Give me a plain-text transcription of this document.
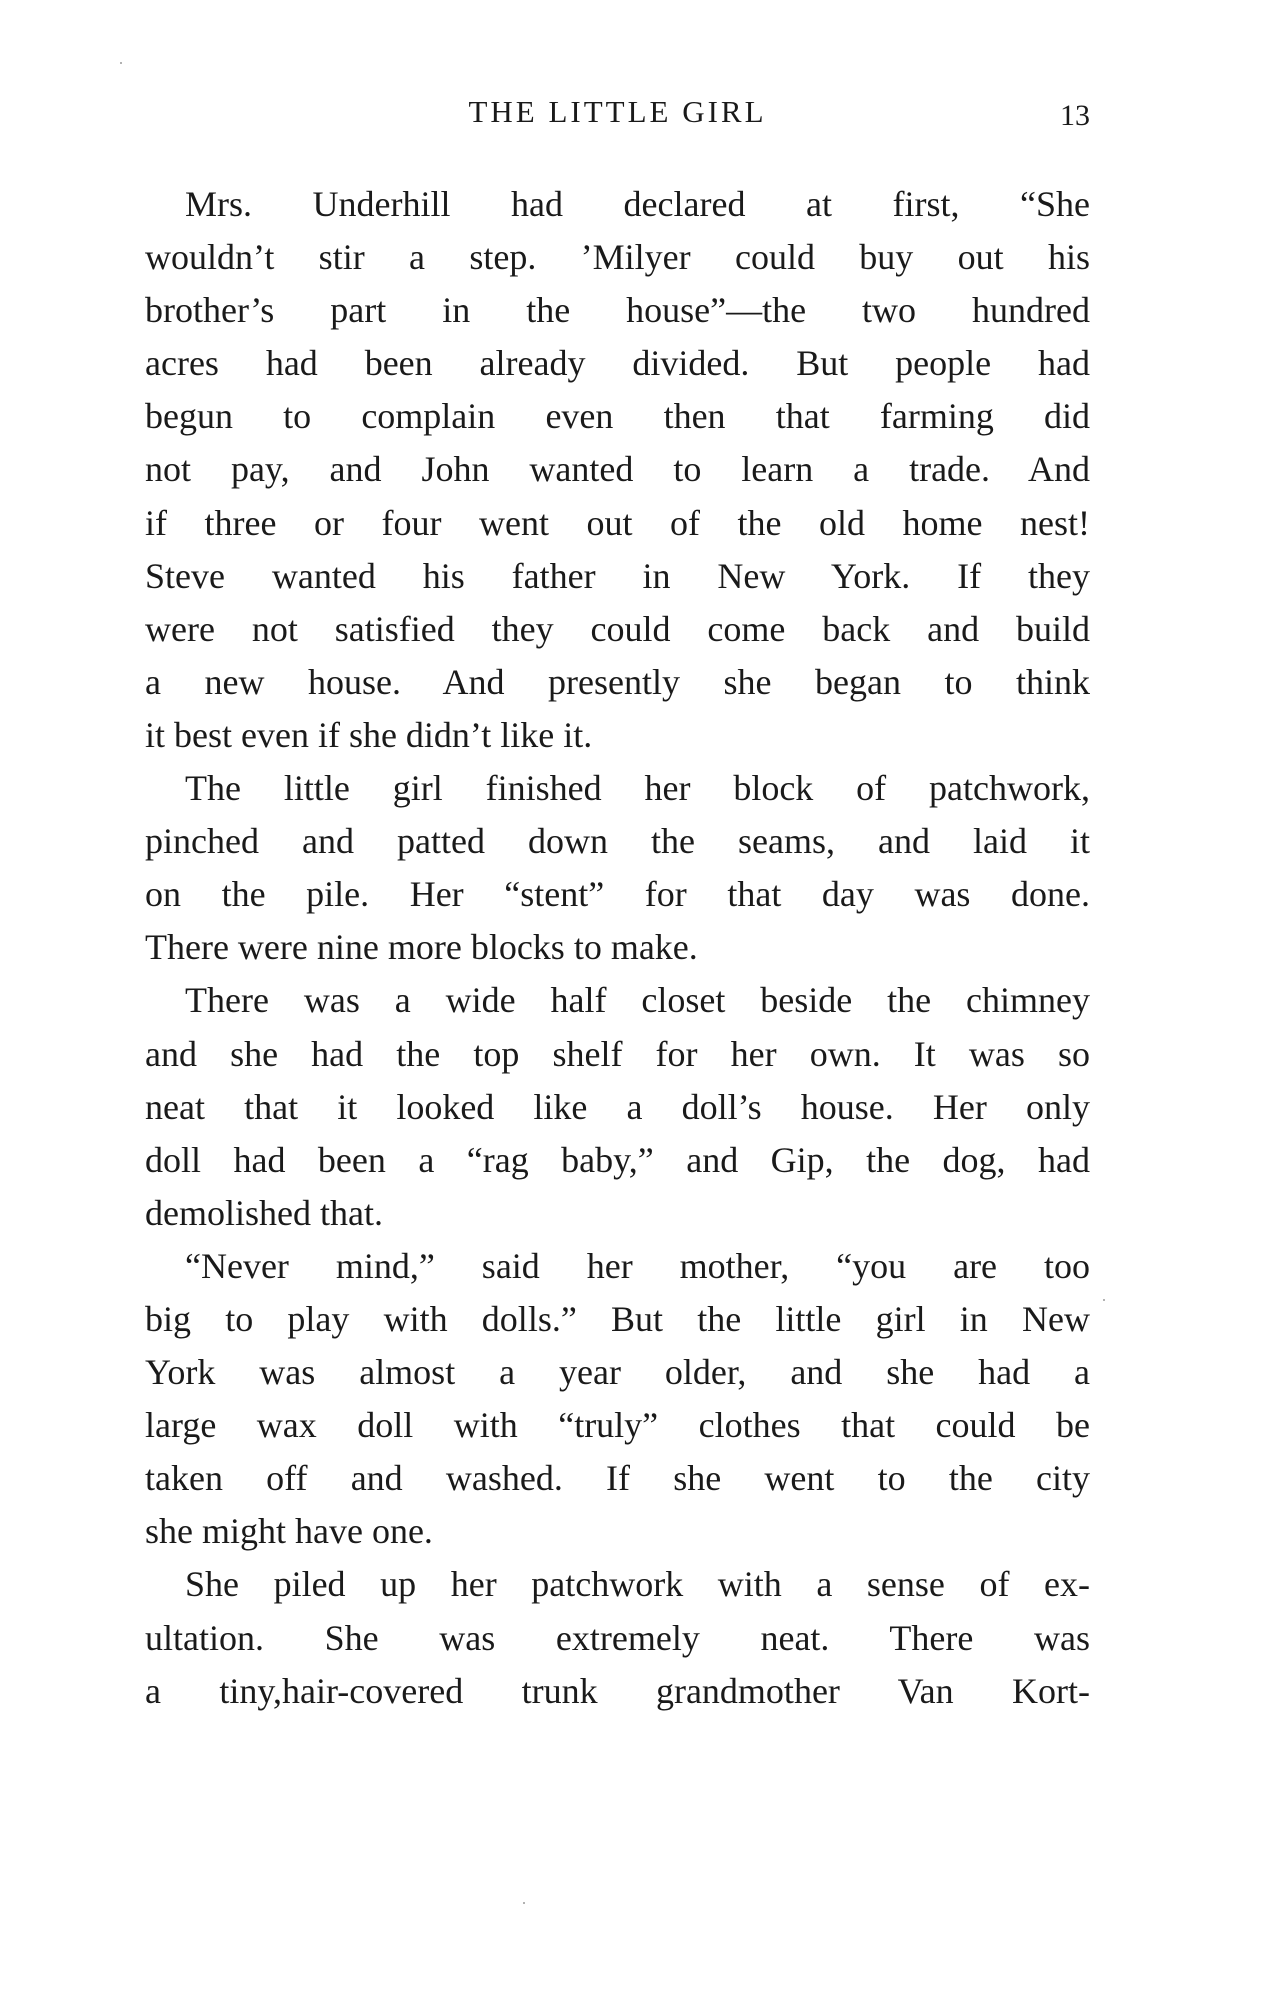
THE LITTLE GIRL	13

Mrs. Underhill had declared at first, “She
wouldn’t stir a step. ’Milyer could buy out his
brother’s part in the house”—the two hundred
acres had been already divided. But people had
begun to complain even then that farming did
not pay, and John wanted to learn a trade. And
if three or four went out of the old home nest!
Steve wanted his father in New York. If they
were not satisfied they could come back and build
a new house. And presently she began to think
it best even if she didn’t like it.

The little girl finished her block of patchwork,
pinched and patted down the seams, and laid it
on the pile. Her “stent” for that day was done.
There were nine more blocks to make.

There was a wide half closet beside the chimney
and she had the top shelf for her own. It was so
neat that it looked like a doll’s house. Her only
doll had been a “rag baby,” and Gip, the dog, had
demolished that.

“Never mind,” said her mother, “you are too
big to play with dolls.” But the little girl in New
York was almost a year older, and she had a
large wax doll with “truly” clothes that could be
taken off and washed. If she went to the city
she might have one.

She piled up her patchwork with a sense of ex-
ultation. She was extremely neat. There was
a tiny,hair-covered trunk grandmother Van Kort-
